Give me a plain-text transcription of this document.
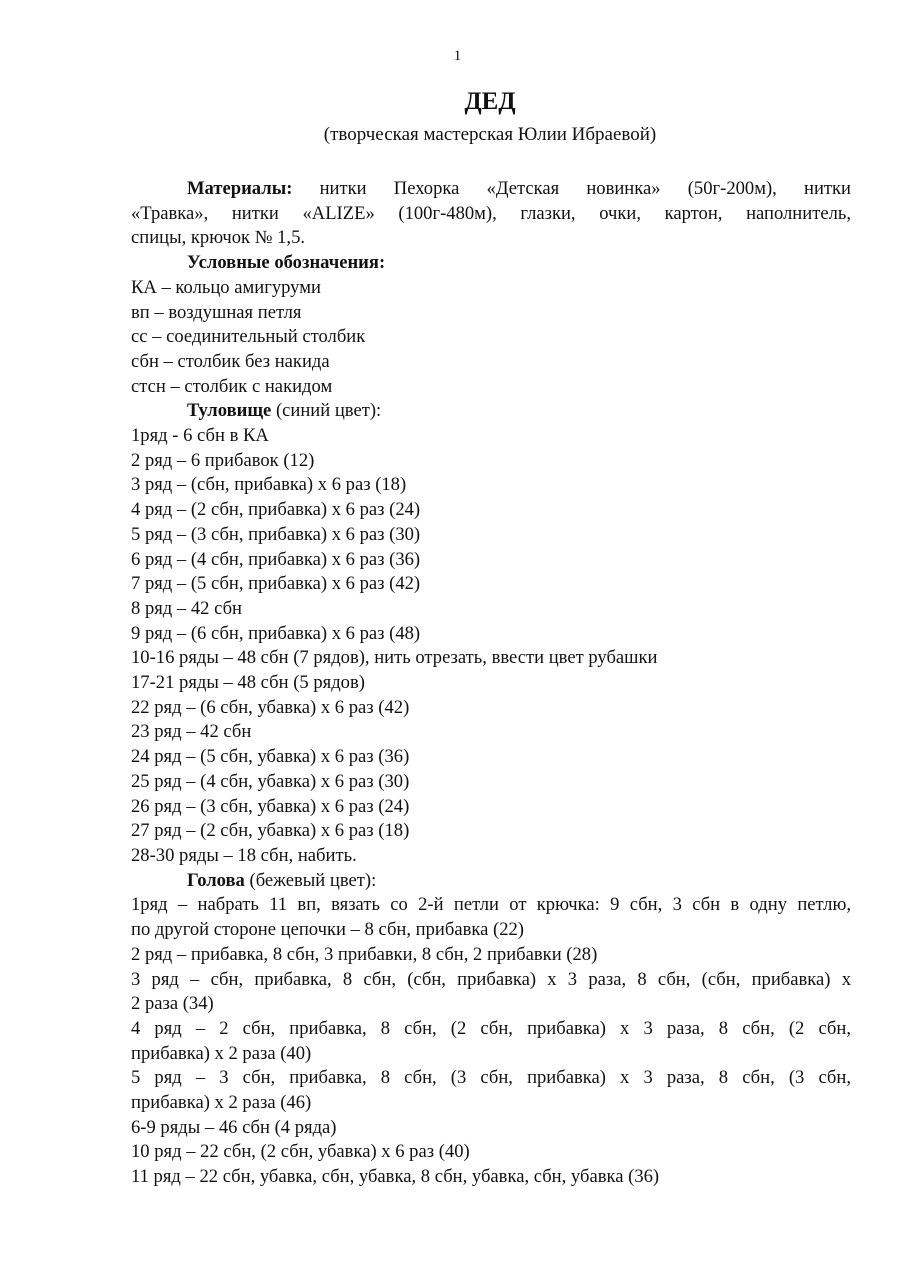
1
ДЕД
(творческая мастерская Юлии Ибраевой)
Материалы: нитки Пехорка «Детская новинка» (50г-200м), нитки
«Травка», нитки «ALIZE» (100г-480м), глазки, очки, картон, наполнитель,
спицы, крючок № 1,5.
Условные обозначения:
КА – кольцо амигуруми
вп – воздушная петля
сс – соединительный столбик
сбн – столбик без накида
стсн – столбик с накидом
Туловище (синий цвет):
1ряд - 6 сбн в КА
2 ряд – 6 прибавок (12)
3 ряд – (сбн, прибавка) х 6 раз (18)
4 ряд – (2 сбн, прибавка) х 6 раз (24)
5 ряд – (3 сбн, прибавка) х 6 раз (30)
6 ряд – (4 сбн, прибавка) х 6 раз (36)
7 ряд – (5 сбн, прибавка) х 6 раз (42)
8 ряд – 42 сбн
9 ряд – (6 сбн, прибавка) х 6 раз (48)
10-16 ряды – 48 сбн (7 рядов), нить отрезать, ввести цвет рубашки
17-21 ряды – 48 сбн (5 рядов)
22 ряд – (6 сбн, убавка) х 6 раз (42)
23 ряд – 42 сбн
24 ряд – (5 сбн, убавка) х 6 раз (36)
25 ряд – (4 сбн, убавка) х 6 раз (30)
26 ряд – (3 сбн, убавка) х 6 раз (24)
27 ряд – (2 сбн, убавка) х 6 раз (18)
28-30 ряды – 18 сбн, набить.
Голова (бежевый цвет):
1ряд – набрать 11 вп, вязать со 2-й петли от крючка: 9 сбн, 3 сбн в одну петлю,
по другой стороне цепочки – 8 сбн, прибавка (22)
2 ряд – прибавка, 8 сбн, 3 прибавки, 8 сбн, 2 прибавки (28)
3 ряд – сбн, прибавка, 8 сбн, (сбн, прибавка) х 3 раза, 8 сбн, (сбн, прибавка) х
2 раза (34)
4 ряд – 2 сбн, прибавка, 8 сбн, (2 сбн, прибавка) х 3 раза, 8 сбн, (2 сбн,
прибавка) х 2 раза (40)
5 ряд – 3 сбн, прибавка, 8 сбн, (3 сбн, прибавка) х 3 раза, 8 сбн, (3 сбн,
прибавка) х 2 раза (46)
6-9 ряды – 46 сбн (4 ряда)
10 ряд – 22 сбн, (2 сбн, убавка) х 6 раз (40)
11 ряд – 22 сбн, убавка, сбн, убавка, 8 сбн, убавка, сбн, убавка (36)
